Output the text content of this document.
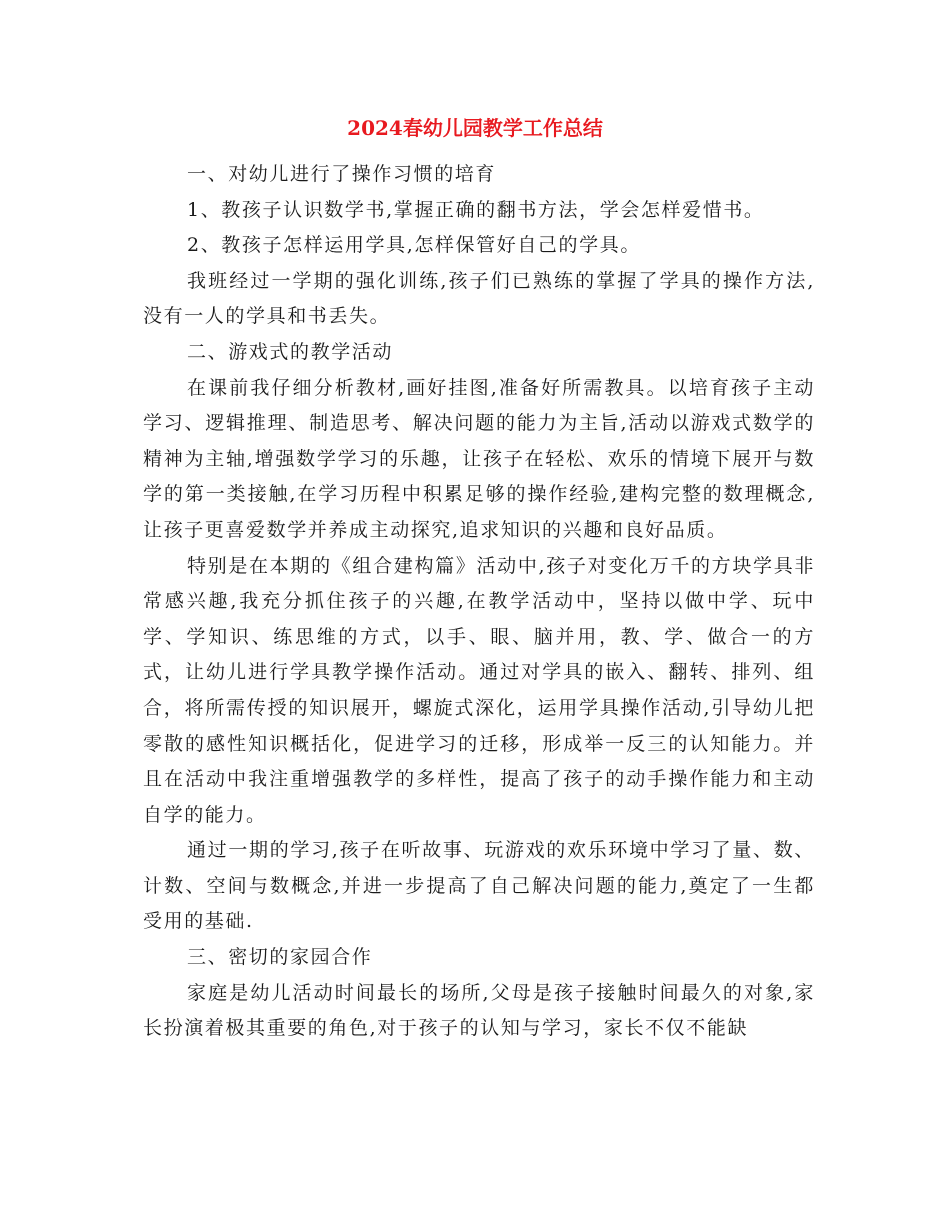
2024春幼儿园教学工作总结

一、对幼儿进行了操作习惯的培育

1、教孩子认识数学书,掌握正确的翻书方法，学会怎样爱惜书。

2、教孩子怎样运用学具,怎样保管好自己的学具。

我班经过一学期的强化训练,孩子们已熟练的掌握了学具的操作方法,没有一人的学具和书丢失。

二、游戏式的教学活动

在课前我仔细分析教材,画好挂图,准备好所需教具。以培育孩子主动学习、逻辑推理、制造思考、解决问题的能力为主旨,活动以游戏式数学的精神为主轴,增强数学学习的乐趣，让孩子在轻松、欢乐的情境下展开与数学的第一类接触,在学习历程中积累足够的操作经验,建构完整的数理概念,让孩子更喜爱数学并养成主动探究,追求知识的兴趣和良好品质。

特别是在本期的《组合建构篇》活动中,孩子对变化万千的方块学具非常感兴趣,我充分抓住孩子的兴趣,在教学活动中，坚持以做中学、玩中学、学知识、练思维的方式，以手、眼、脑并用，教、学、做合一的方式，让幼儿进行学具教学操作活动。通过对学具的嵌入、翻转、排列、组合，将所需传授的知识展开，螺旋式深化，运用学具操作活动,引导幼儿把零散的感性知识概括化，促进学习的迁移，形成举一反三的认知能力。并且在活动中我注重增强教学的多样性，提高了孩子的动手操作能力和主动自学的能力。

通过一期的学习,孩子在听故事、玩游戏的欢乐环境中学习了量、数、计数、空间与数概念,并进一步提高了自己解决问题的能力,奠定了一生都受用的基础.

三、密切的家园合作

家庭是幼儿活动时间最长的场所,父母是孩子接触时间最久的对象,家长扮演着极其重要的角色,对于孩子的认知与学习，家长不仅不能缺
